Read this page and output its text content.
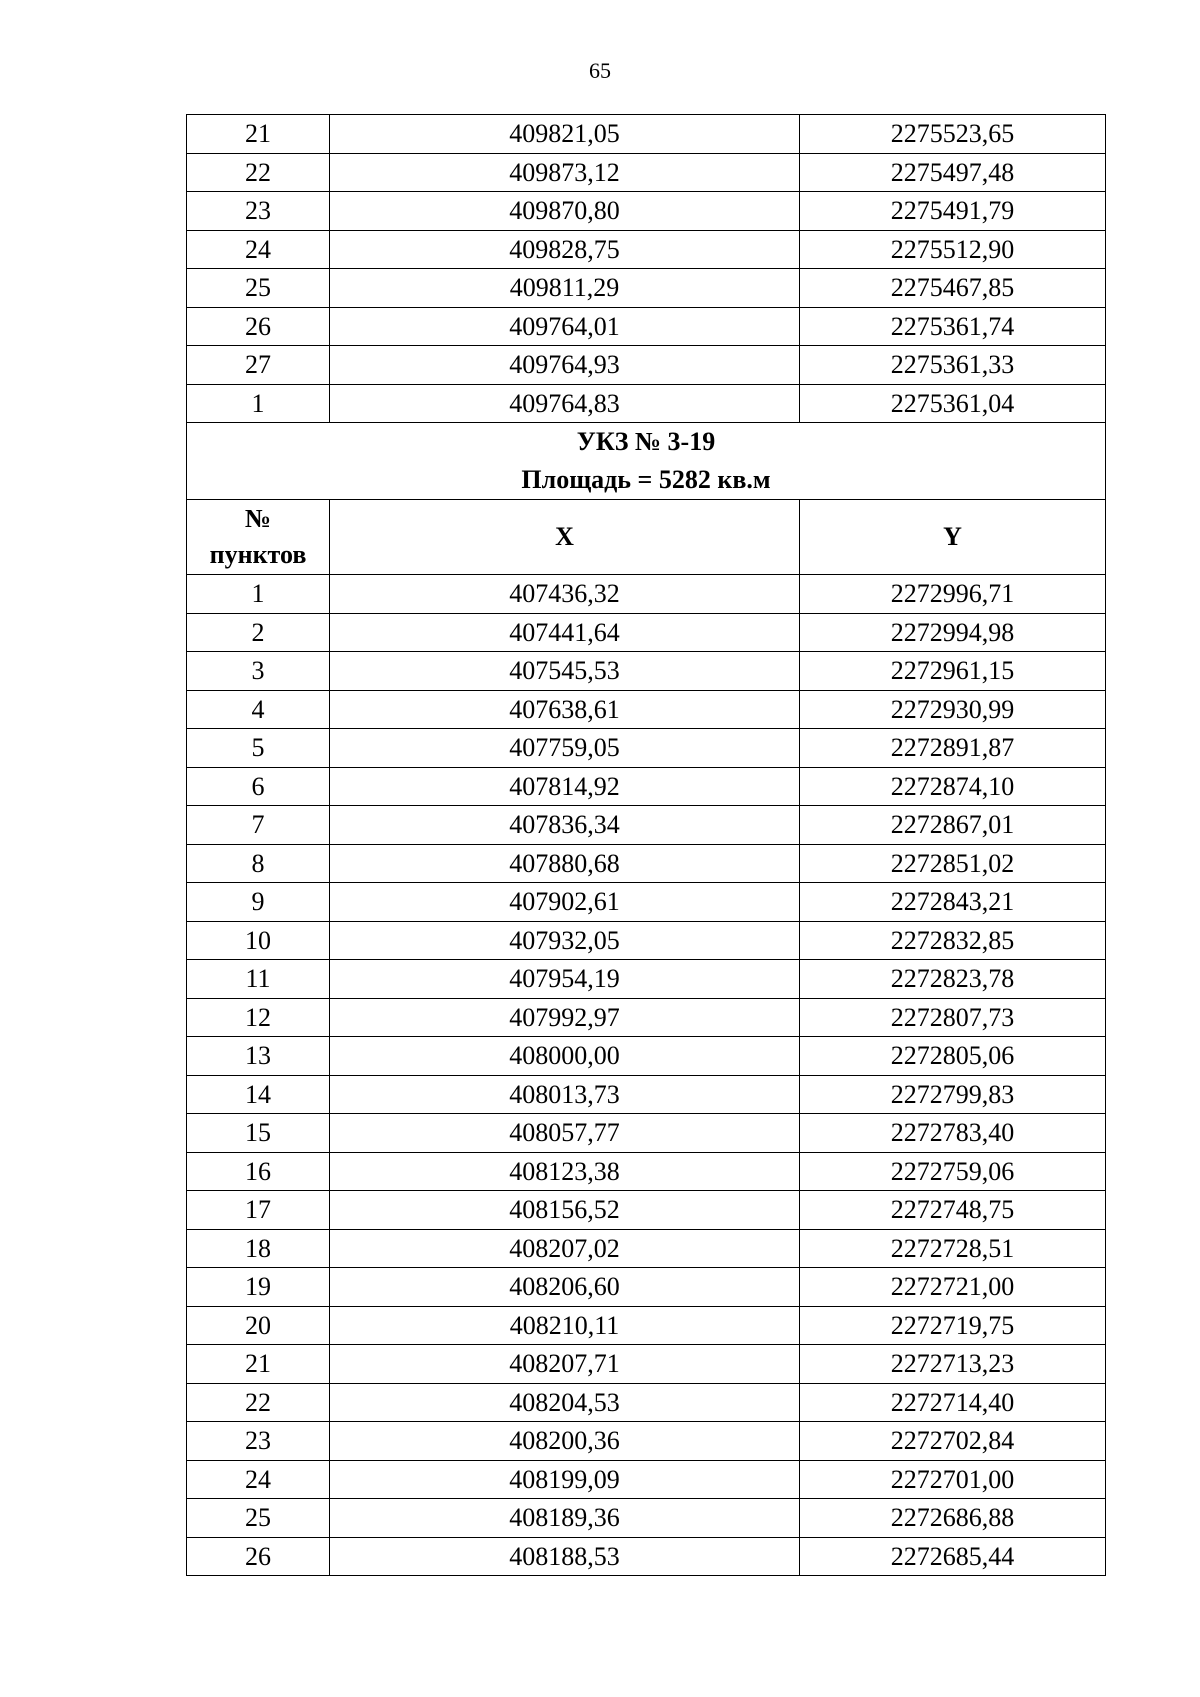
65
21	409821,05	2275523,65
22	409873,12	2275497,48
23	409870,80	2275491,79
24	409828,75	2275512,90
25	409811,29	2275467,85
26	409764,01	2275361,74
27	409764,93	2275361,33
1	409764,83	2275361,04

УКЗ № 3-19
Площадь = 5282 кв.м		

№
пунктов	X	Y
1	407436,32	2272996,71
2	407441,64	2272994,98
3	407545,53	2272961,15
4	407638,61	2272930,99
5	407759,05	2272891,87
6	407814,92	2272874,10
7	407836,34	2272867,01
8	407880,68	2272851,02
9	407902,61	2272843,21
10	407932,05	2272832,85
11	407954,19	2272823,78
12	407992,97	2272807,73
13	408000,00	2272805,06
14	408013,73	2272799,83
15	408057,77	2272783,40
16	408123,38	2272759,06
17	408156,52	2272748,75
18	408207,02	2272728,51
19	408206,60	2272721,00
20	408210,11	2272719,75
21	408207,71	2272713,23
22	408204,53	2272714,40
23	408200,36	2272702,84
24	408199,09	2272701,00
25	408189,36	2272686,88
26	408188,53	2272685,44
